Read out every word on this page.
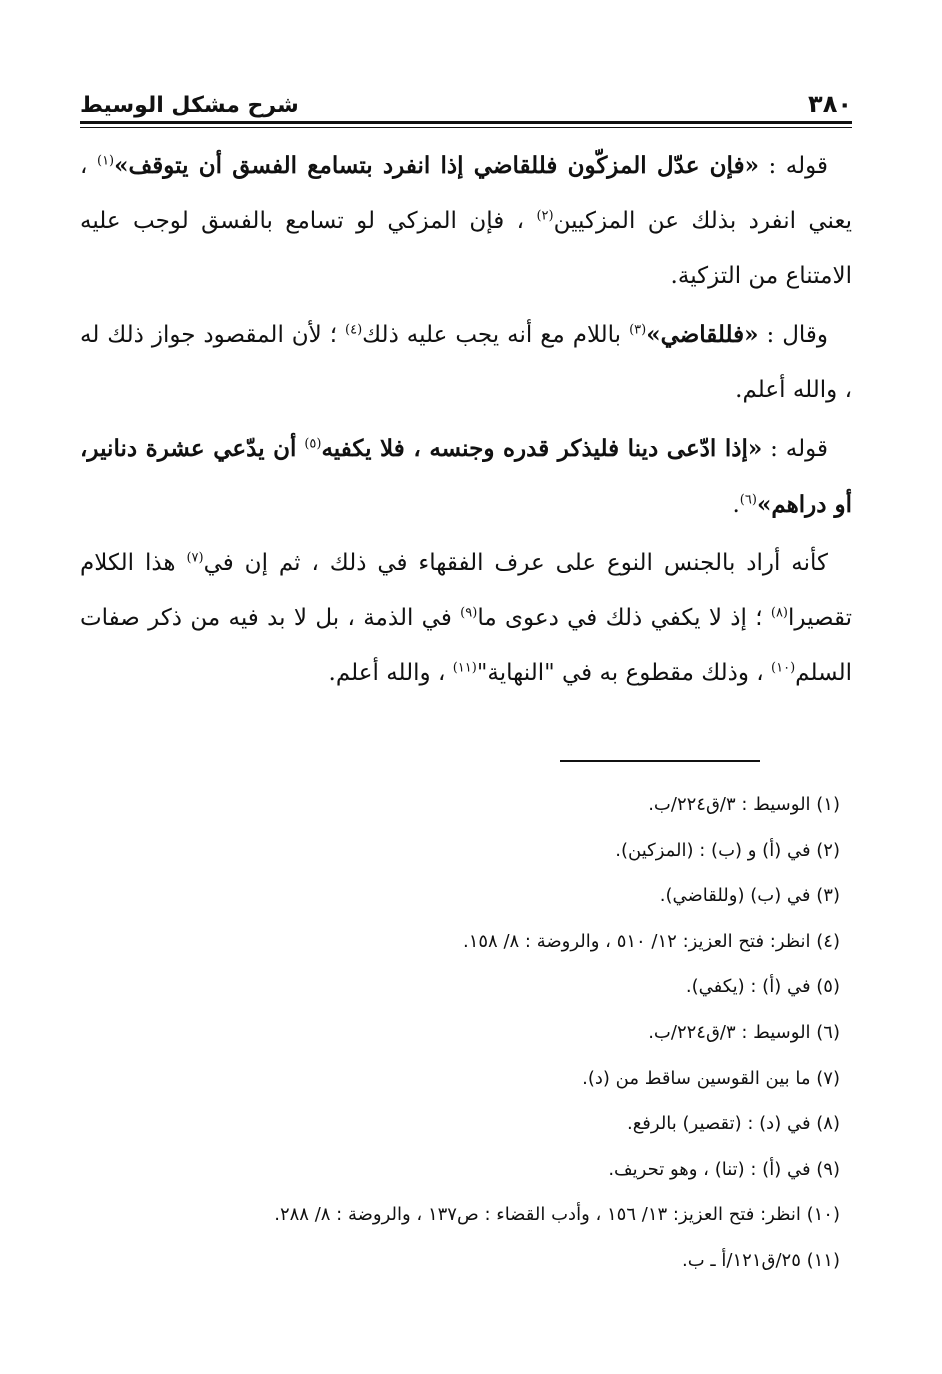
٣٨٠
شرح مشكل الوسيط

قوله : «فإن عدّل المزكّون فللقاضي إذا انفرد بتسامع الفسق أن يتوقف»$^{(١)}$ ، يعني انفرد بذلك عن المزكيين$^{(٢)}$ ، فإن المزكي لو تسامع بالفسق لوجب عليه الامتناع من التزكية.

وقال : «فللقاضي»$^{(٣)}$ باللام مع أنه يجب عليه ذلك$^{(٤)}$ ؛ لأن المقصود جواز ذلك له ، والله أعلم.

قوله : «إذا ادّعى دينا فليذكر قدره وجنسه ، فلا يكفيه$^{(٥)}$ أن يدّعي عشرة دنانير، أو دراهم»$^{(٦)}$.

كأنه أراد بالجنس النوع على عرف الفقهاء في ذلك ، ثم إن في$^{(٧)}$ هذا الكلام تقصيرا$^{(٨)}$ ؛ إذ لا يكفي ذلك في دعوى ما$^{(٩)}$ في الذمة ، بل لا بد فيه من ذكر صفات السلم$^{(١٠)}$ ، وذلك مقطوع به في "النهاية"$^{(١١)}$ ، والله أعلم.

(١) الوسيط : ٣/ق٢٢٤/ب.
(٢) في (أ) و (ب) : (المزكين).
(٣) في (ب) (وللقاضي).
(٤) انظر: فتح العزيز: ١٢/ ٥١٠ ، والروضة : ٨/ ١٥٨.
(٥) في (أ) : (يكفي).
(٦) الوسيط : ٣/ق٢٢٤/ب.
(٧) ما بين القوسين ساقط من (د).
(٨) في (د) : (تقصير) بالرفع.
(٩) في (أ) : (تنا) ، وهو تحريف.
(١٠) انظر: فتح العزيز: ١٣/ ١٥٦ ، وأدب القضاء : ص١٣٧ ، والروضة : ٨/ ٢٨٨.
(١١) ٢٥/ق١٢١/أ ـ ب.
